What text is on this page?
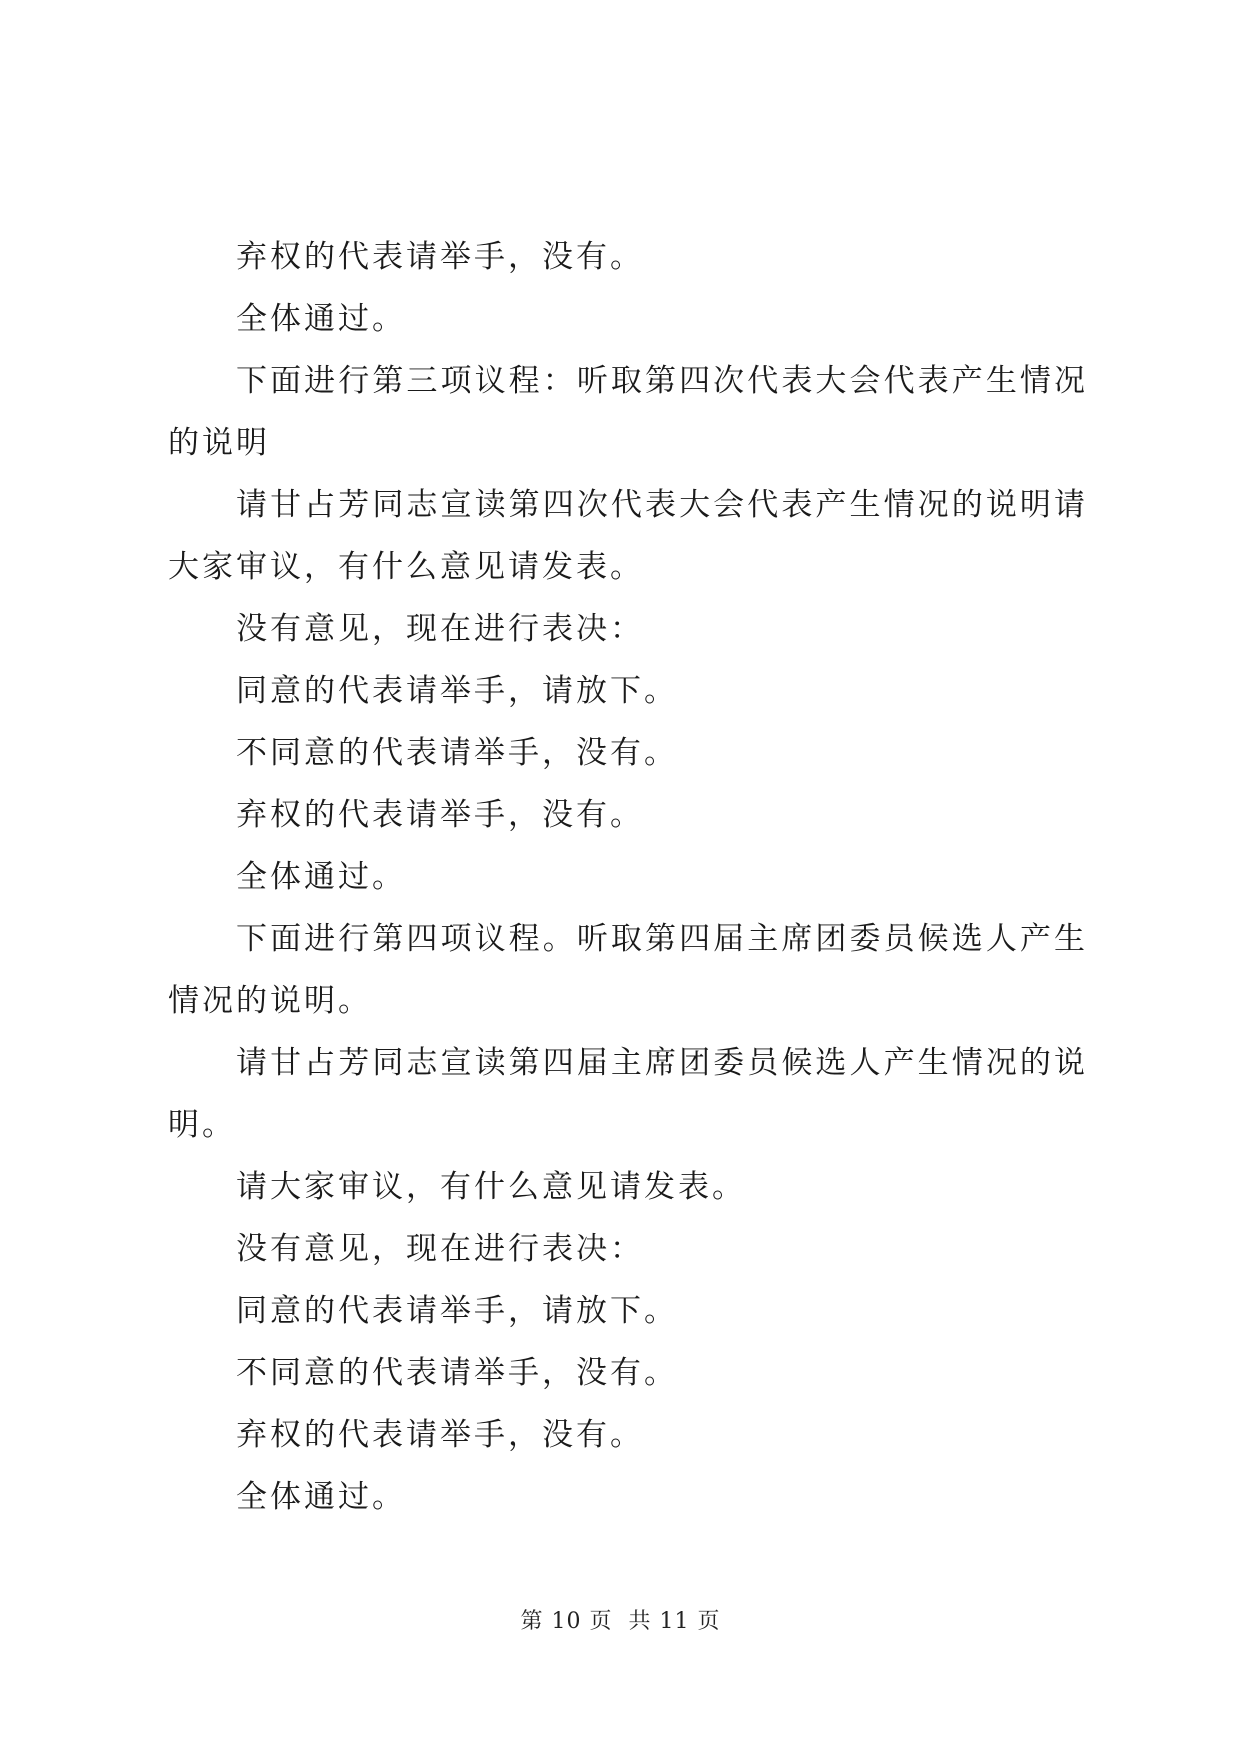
弃权的代表请举手，没有。

全体通过。

下面进行第三项议程：听取第四次代表大会代表产生情况的说明

请甘占芳同志宣读第四次代表大会代表产生情况的说明请大家审议，有什么意见请发表。

没有意见，现在进行表决：

同意的代表请举手，请放下。

不同意的代表请举手，没有。

弃权的代表请举手，没有。

全体通过。

下面进行第四项议程。听取第四届主席团委员候选人产生情况的说明。

请甘占芳同志宣读第四届主席团委员候选人产生情况的说明。

请大家审议，有什么意见请发表。

没有意见，现在进行表决：

同意的代表请举手，请放下。

不同意的代表请举手，没有。

弃权的代表请举手，没有。

全体通过。

第 10 页  共 11 页
